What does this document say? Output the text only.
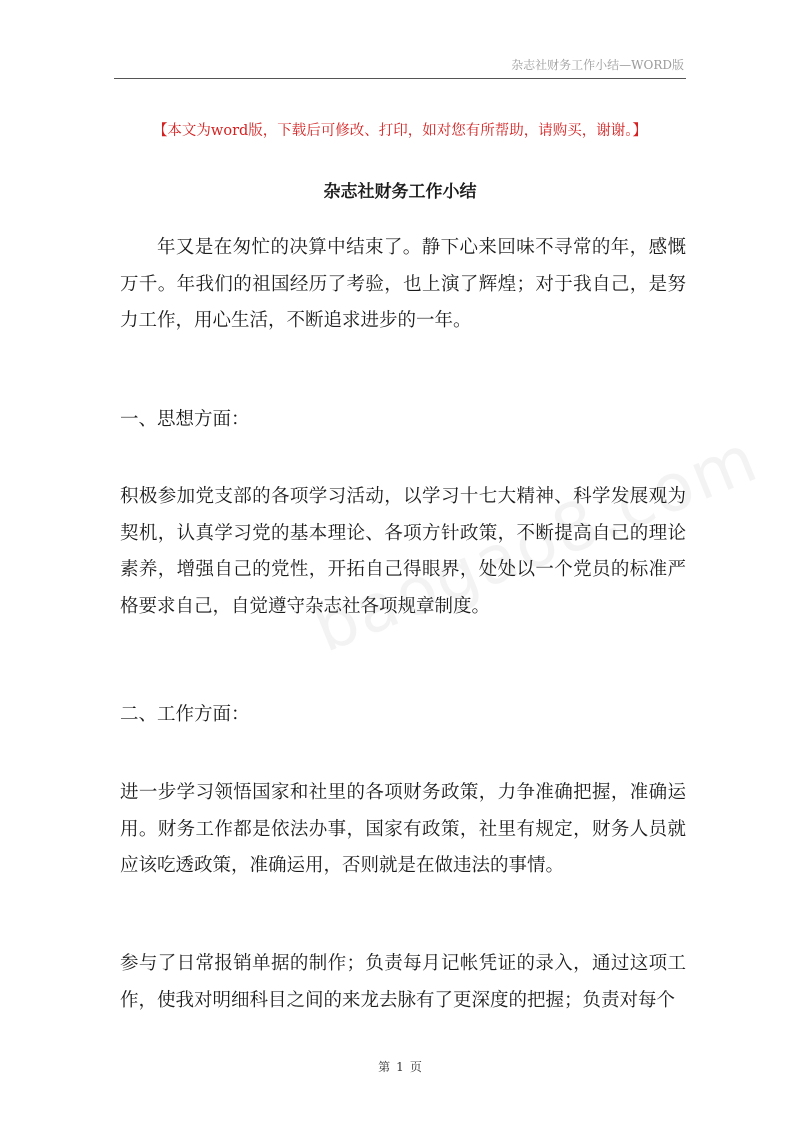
杂志社财务工作小结—WORD版
【本文为word版，下载后可修改、打印，如对您有所帮助，请购买，谢谢。】
杂志社财务工作小结

年又是在匆忙的决算中结束了。静下心来回味不寻常的年，感慨万千。年我们的祖国经历了考验，也上演了辉煌；对于我自己，是努力工作，用心生活，不断追求进步的一年。

一、思想方面：

积极参加党支部的各项学习活动，以学习十七大精神、科学发展观为契机，认真学习党的基本理论、各项方针政策，不断提高自己的理论素养，增强自己的党性，开拓自己得眼界，处处以一个党员的标准严格要求自己，自觉遵守杂志社各项规章制度。

二、工作方面：

进一步学习领悟国家和社里的各项财务政策，力争准确把握，准确运用。财务工作都是依法办事，国家有政策，社里有规定，财务人员就应该吃透政策，准确运用，否则就是在做违法的事情。

参与了日常报销单据的制作；负责每月记帐凭证的录入，通过这项工作，使我对明细科目之间的来龙去脉有了更深度的把握；负责对每个

第 1 页
